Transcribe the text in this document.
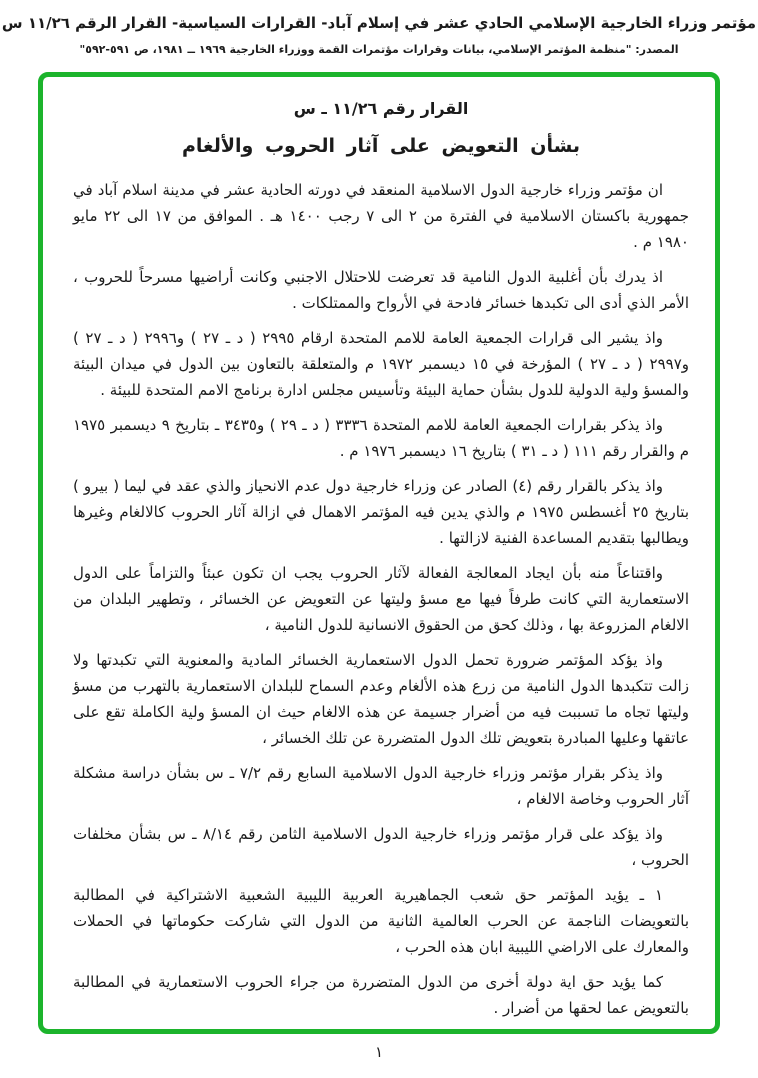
مؤتمر وزراء الخارجية الإسلامي الحادي عشر في إسلام آباد- القرارات السياسية- القرار الرقم ١١/٢٦ س
المصدر: "منظمة المؤتمر الإسلامي، بيانات وقرارات مؤتمرات القمة ووزراء الخارجية ١٩٦٩ ــ ١٩٨١، ص ٥٩١-٥٩٢"
القرار رقم ١١/٢٦ ـ س
بشأن التعويض على آثار الحروب والألغام

ان مؤتمر وزراء خارجية الدول الاسلامية المنعقد في دورته الحادية عشر في مدينة اسلام آباد في جمهورية باكستان الاسلامية في الفترة من ٢ الى ٧ رجب ١٤٠٠ هـ . الموافق من ١٧ الى ٢٢ مايو ١٩٨٠ م .

اذ يدرك بأن أغلبية الدول النامية قد تعرضت للاحتلال الاجنبي وكانت أراضيها مسرحاً للحروب ، الأمر الذي أدى الى تكبدها خسائر فادحة في الأرواح والممتلكات .

واذ يشير الى قرارات الجمعية العامة للامم المتحدة ارقام ٢٩٩٥ ( د ـ ٢٧ ) و٢٩٩٦ ( د ـ ٢٧ ) و٢٩٩٧ ( د ـ ٢٧ ) المؤرخة في ١٥ ديسمبر ١٩٧٢ م والمتعلقة بالتعاون بين الدول في ميدان البيئة والمسؤ ولية الدولية للدول بشأن حماية البيئة وتأسيس مجلس ادارة برنامج الامم المتحدة للبيئة .

واذ يذكر بقرارات الجمعية العامة للامم المتحدة ٣٣٣٦ ( د ـ ٢٩ ) و٣٤٣٥ ـ بتاريخ ٩ ديسمبر ١٩٧٥ م والقرار رقم ١١١ ( د ـ ٣١ ) بتاريخ ١٦ ديسمبر ١٩٧٦ م .

واذ يذكر بالقرار رقم (٤) الصادر عن وزراء خارجية دول عدم الانحياز والذي عقد في ليما ( بيرو ) بتاريخ ٢٥ أغسطس ١٩٧٥ م والذي يدين فيه المؤتمر الاهمال في ازالة آثار الحروب كالالغام وغيرها ويطالبها بتقديم المساعدة الفنية لازالتها .

واقتناعاً منه بأن ايجاد المعالجة الفعالة لآثار الحروب يجب ان تكون عبئاً والتزاماً على الدول الاستعمارية التي كانت طرفاً فيها مع مسؤ وليتها عن التعويض عن الخسائر ، وتطهير البلدان من الالغام المزروعة بها ، وذلك كحق من الحقوق الانسانية للدول النامية ،

واذ يؤكد المؤتمر ضرورة تحمل الدول الاستعمارية الخسائر المادية والمعنوية التي تكبدتها ولا زالت تتكبدها الدول النامية من زرع هذه الألغام وعدم السماح للبلدان الاستعمارية بالتهرب من مسؤ وليتها تجاه ما تسببت فيه من أضرار جسيمة عن هذه الالغام حيث ان المسؤ ولية الكاملة تقع على عاتقها وعليها المبادرة بتعويض تلك الدول المتضررة عن تلك الخسائر ،

واذ يذكر بقرار مؤتمر وزراء خارجية الدول الاسلامية السابع رقم ٧/٢ ـ س بشأن دراسة مشكلة آثار الحروب وخاصة الالغام ،

واذ يؤكد على قرار مؤتمر وزراء خارجية الدول الاسلامية الثامن رقم ٨/١٤ ـ س بشأن مخلفات الحروب ،

١ ـ يؤيد المؤتمر حق شعب الجماهيرية العربية الليبية الشعبية الاشتراكية في المطالبة بالتعويضات الناجمة عن الحرب العالمية الثانية من الدول التي شاركت حكوماتها في الحملات والمعارك على الاراضي الليبية ابان هذه الحرب ،

كما يؤيد حق اية دولة أخرى من الدول المتضررة من جراء الحروب الاستعمارية في المطالبة بالتعويض عما لحقها من أضرار .

١
